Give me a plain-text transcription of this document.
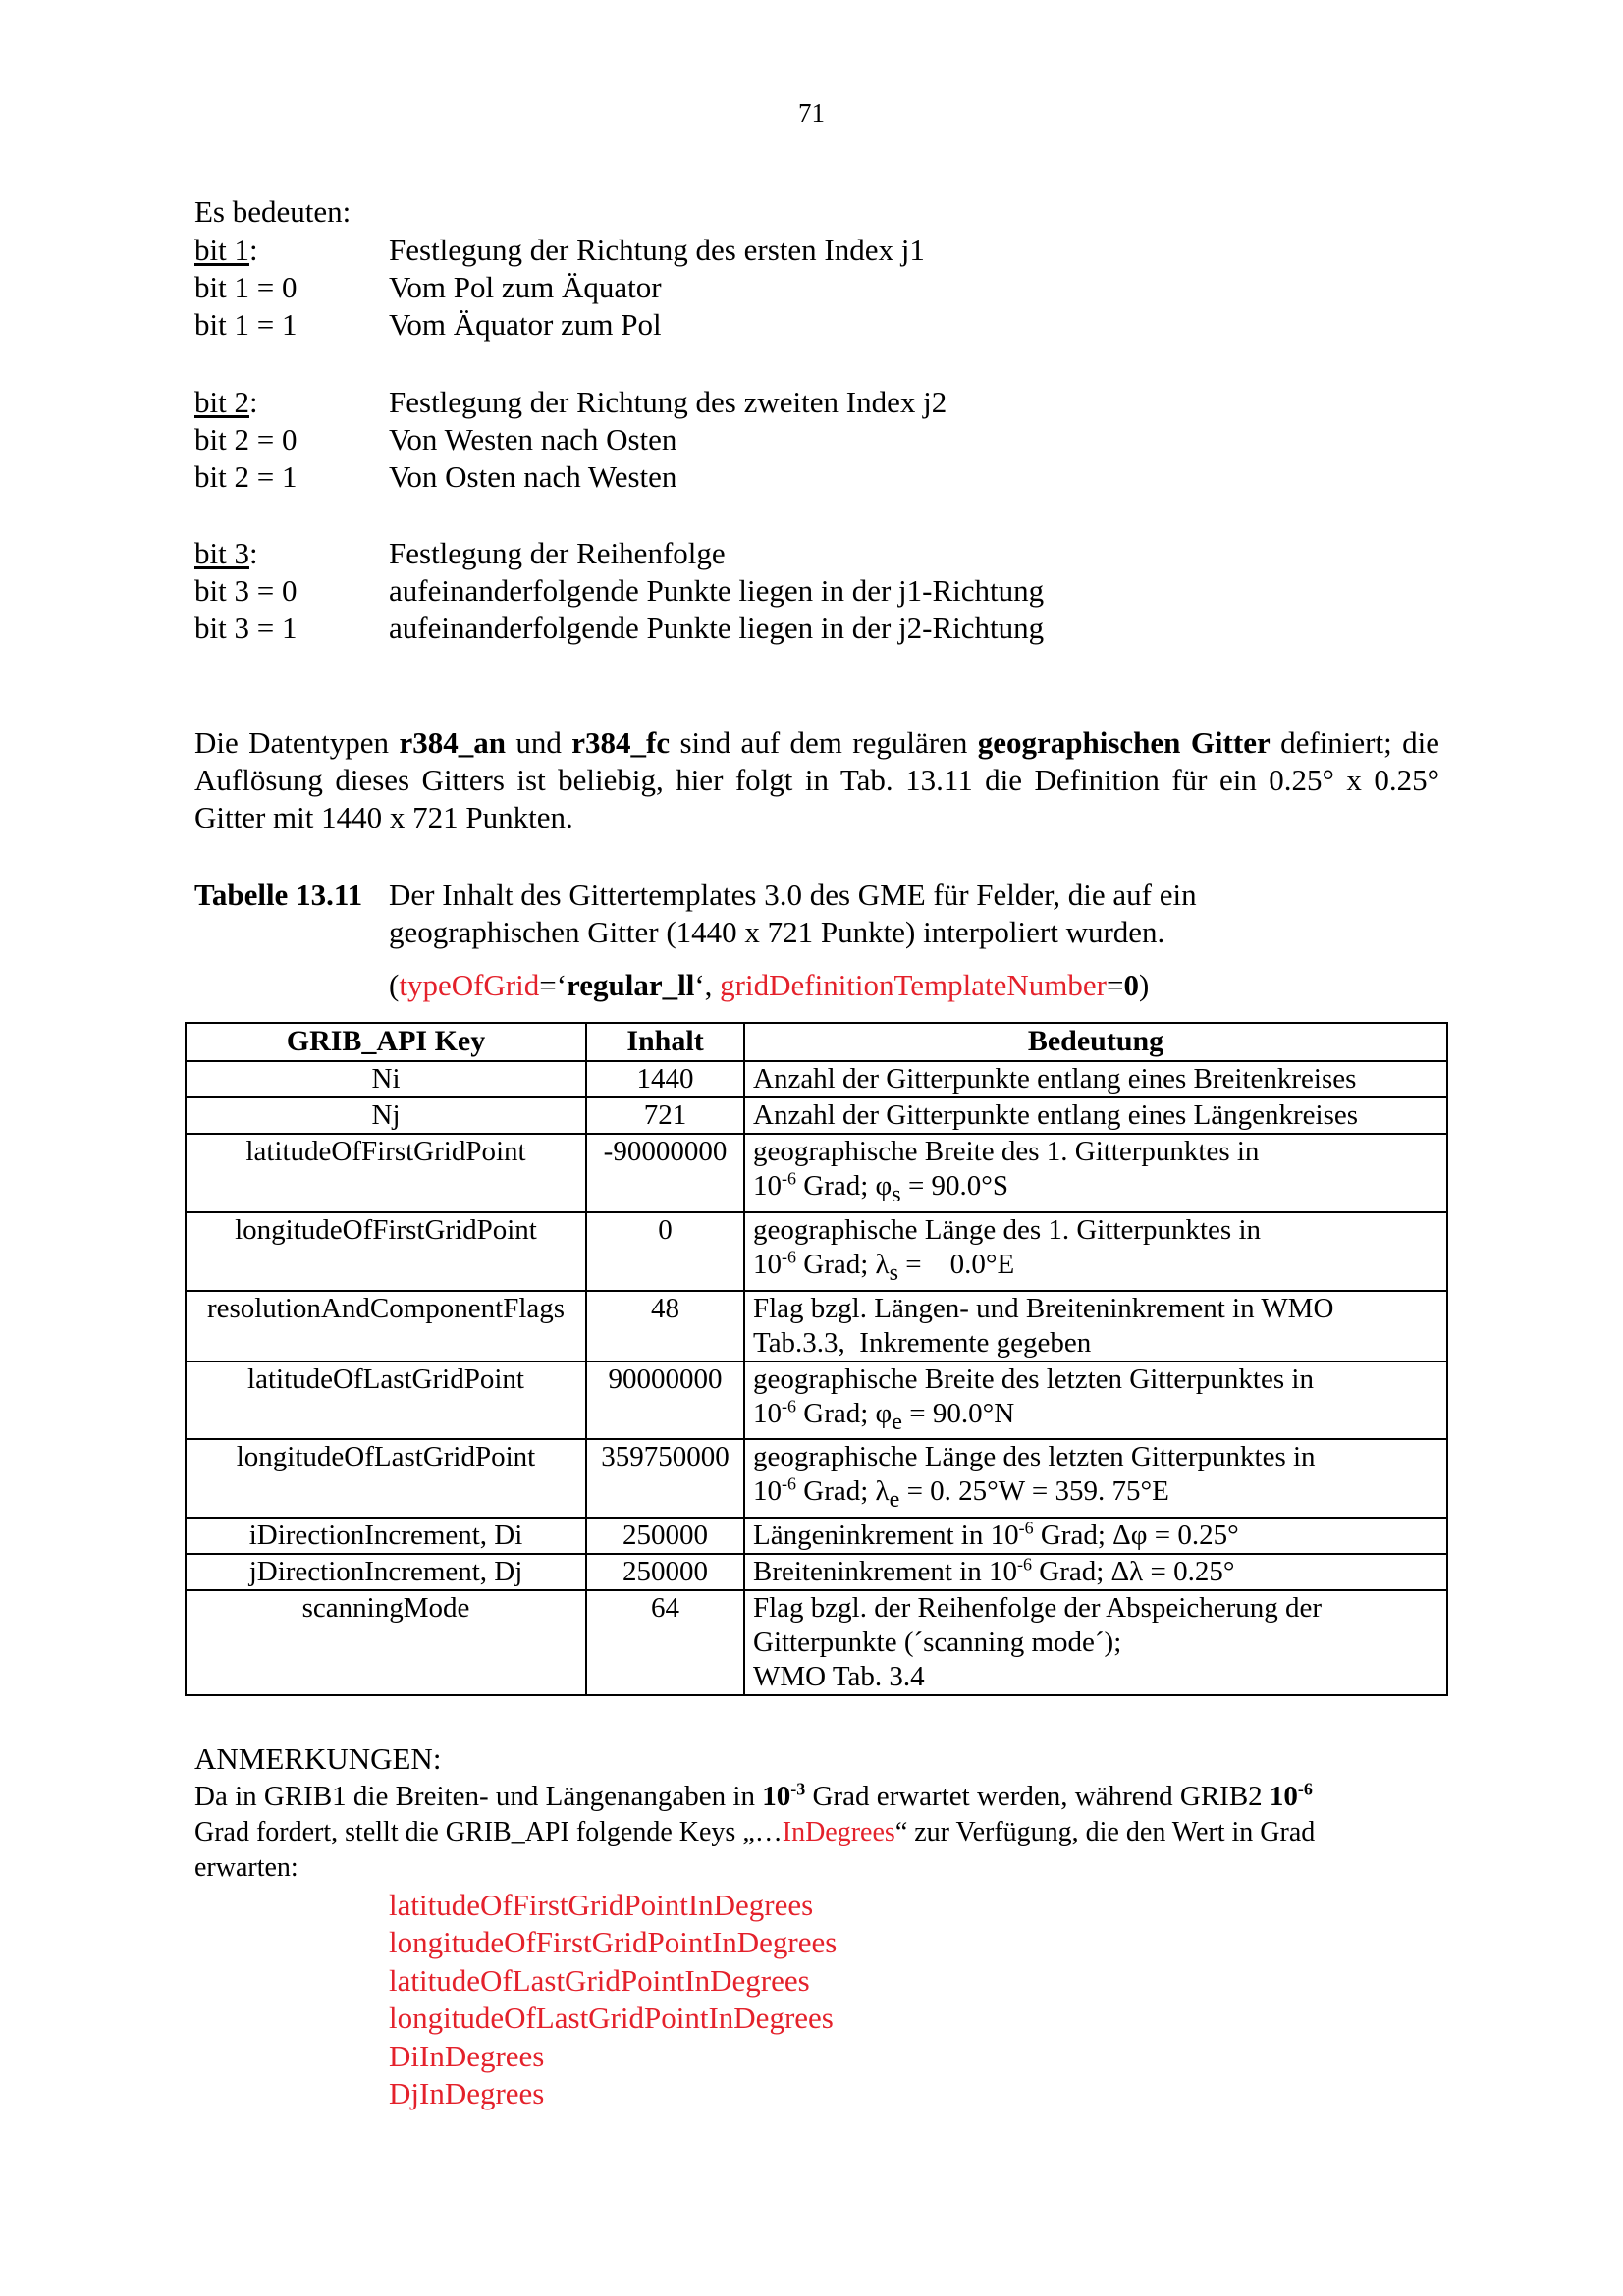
71
Es bedeuten:
bit 1:	Festlegung der Richtung des ersten Index j1
bit 1 = 0	Vom Pol zum Äquator
bit 1 = 1	Vom Äquator zum Pol
bit 2:	Festlegung der Richtung des zweiten Index j2
bit 2 = 0	Von Westen nach Osten
bit 2 = 1	Von Osten nach Westen
bit 3:	Festlegung der Reihenfolge
bit 3 = 0	aufeinanderfolgende Punkte liegen in der j1-Richtung
bit 3 = 1	aufeinanderfolgende Punkte liegen in der j2-Richtung
Die Datentypen r384_an und r384_fc sind auf dem regulären geographischen Gitter definiert; die Auflösung dieses Gitters ist beliebig, hier folgt in Tab. 13.11 die Definition für ein 0.25° x 0.25° Gitter mit 1440 x 721 Punkten.
Tabelle 13.11 Der Inhalt des Gittertemplates 3.0 des GME für Felder, die auf ein
geographischen Gitter (1440 x 721 Punkte) interpoliert wurden.
(typeOfGrid=‘regular_ll‘, gridDefinitionTemplateNumber=0)
GRIB_API Key	Inhalt	Bedeutung
Ni	1440	Anzahl der Gitterpunkte entlang eines Breitenkreises
Nj	721	Anzahl der Gitterpunkte entlang eines Längenkreises
latitudeOfFirstGridPoint	-90000000	geographische Breite des 1. Gitterpunktes in
$10^{-6}$ Grad; $\varphi_s = 90.0^\circ S$
longitudeOfFirstGridPoint	0	geographische Länge des 1. Gitterpunktes in
$10^{-6}$ Grad; $\lambda_s$ =    0.0°E
resolutionAndComponentFlags	48	Flag bzgl. Längen- und Breiteninkrement in WMO
Tab.3.3,  Inkremente gegeben
latitudeOfLastGridPoint	90000000	geographische Breite des letzten Gitterpunktes in
$10^{-6}$ Grad; $\varphi_e = 90.0^\circ N$
longitudeOfLastGridPoint	359750000	geographische Länge des letzten Gitterpunktes in
$10^{-6}$ Grad; $\lambda_e = 0$. 25°W = 359. 75°E
iDirectionIncrement, Di	250000	Längeninkrement in $10^{-6}$ Grad; Δφ = 0.25°
jDirectionIncrement, Dj	250000	Breiteninkrement in $10^{-6}$ Grad; Δλ = 0.25°
scanningMode	64	Flag bzgl. der Reihenfolge der Abspeicherung der
Gitterpunkte (´scanning mode´);
WMO Tab. 3.4
ANMERKUNGEN:
Da in GRIB1 die Breiten- und Längenangaben in $10^{-3}$ Grad erwartet werden, während GRIB2 $10^{-6}$
Grad fordert, stellt die GRIB_API folgende Keys „…InDegrees“ zur Verfügung, die den Wert in Grad
erwarten:
latitudeOfFirstGridPointInDegrees
longitudeOfFirstGridPointInDegrees
latitudeOfLastGridPointInDegrees
longitudeOfLastGridPointInDegrees
DiInDegrees
DjInDegrees
